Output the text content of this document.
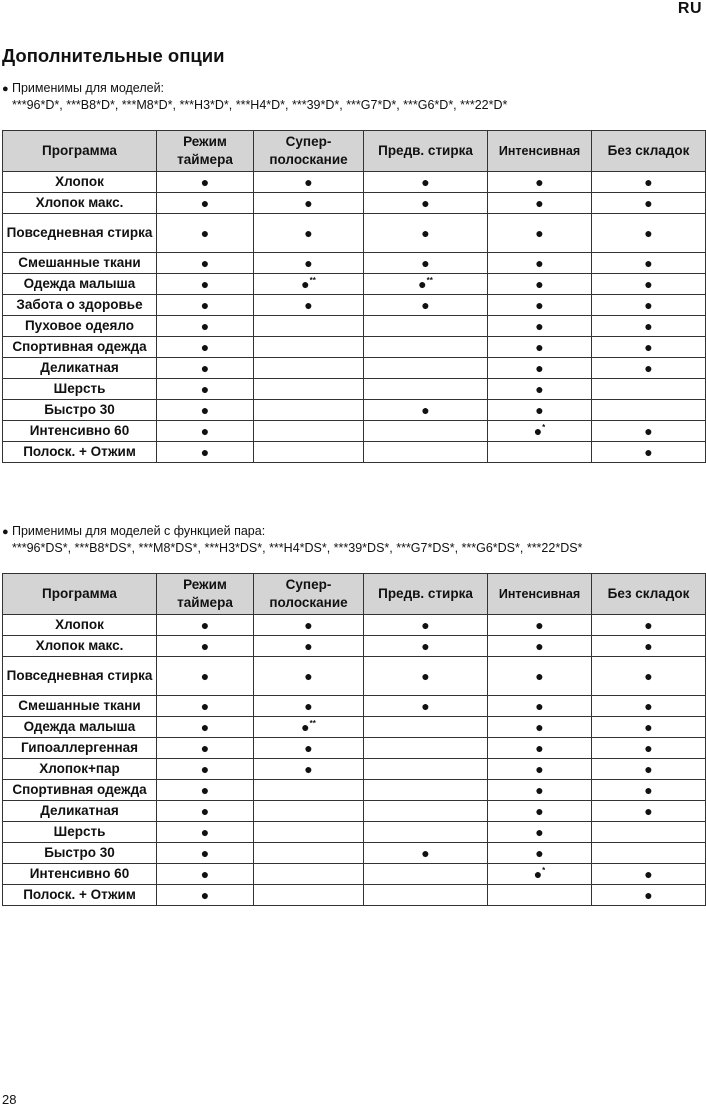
RU
Дополнительные опции
● Применимы для моделей:
***96*D*, ***B8*D*, ***M8*D*, ***H3*D*, ***H4*D*, ***39*D*, ***G7*D*, ***G6*D*, ***22*D*
Программа	Режим таймера	Супер-полоскание	Предв. стирка	Интенсивная	Без складок
Хлопок	●	●	●	●	●
Хлопок макс.	●	●	●	●	●
Повседневная стирка	●	●	●	●	●
Смешанные ткани	●	●	●	●	●
Одежда малыша	●	●**	●**	●	●
Забота о здоровье	●	●	●	●	●
Пуховое одеяло	●			●	●
Спортивная одежда	●			●	●
Деликатная	●			●	●
Шерсть	●			●	
Быстро 30	●		●	●	
Интенсивно 60	●			●*	●
Полоск. + Отжим	●				●
● Применимы для моделей с функцией пара:
***96*DS*, ***B8*DS*, ***M8*DS*, ***H3*DS*, ***H4*DS*, ***39*DS*, ***G7*DS*, ***G6*DS*, ***22*DS*
Программа	Режим таймера	Супер-полоскание	Предв. стирка	Интенсивная	Без складок
Хлопок	●	●	●	●	●
Хлопок макс.	●	●	●	●	●
Повседневная стирка	●	●	●	●	●
Смешанные ткани	●	●	●	●	●
Одежда малыша	●	●**		●	●
Гипоаллергенная	●	●		●	●
Хлопок+пар	●	●		●	●
Спортивная одежда	●			●	●
Деликатная	●			●	●
Шерсть	●			●	
Быстро 30	●		●	●	
Интенсивно 60	●			●*	●
Полоск. + Отжим	●				●
28
